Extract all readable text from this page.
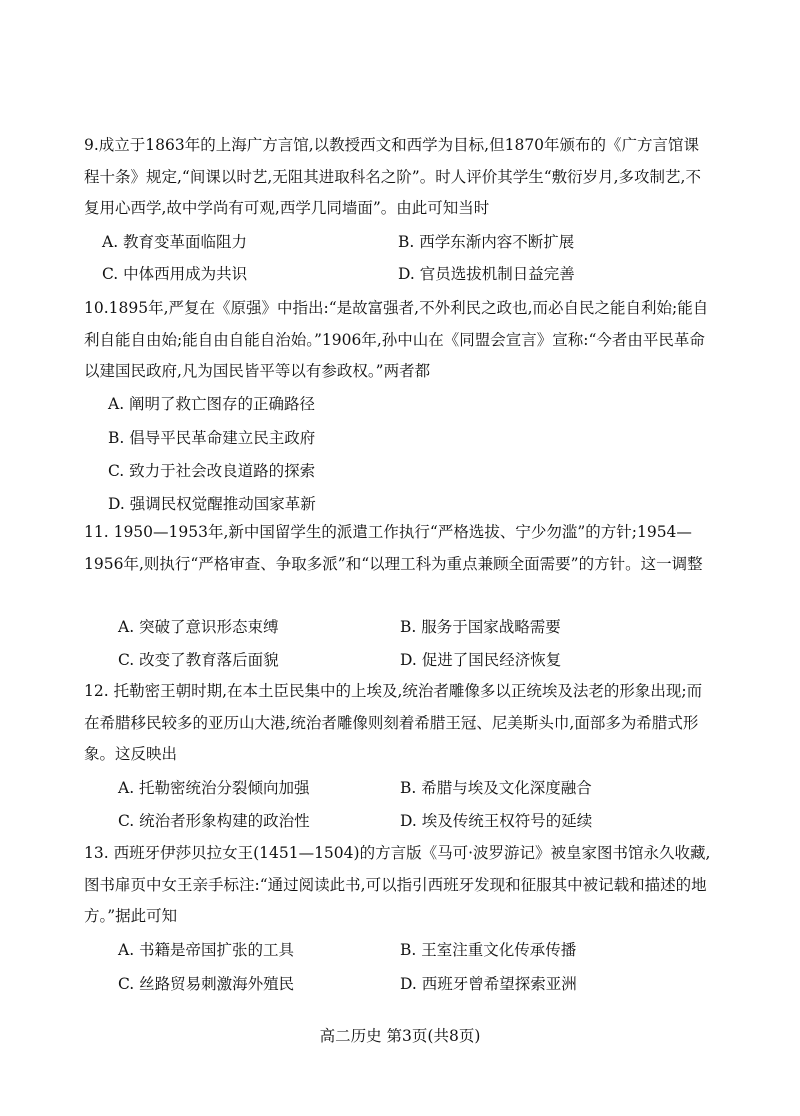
9.成立于1863年的上海广方言馆,以教授西文和西学为目标,但1870年颁布的《广方言馆课程十条》规定,“间课以时艺,无阻其进取科名之阶”。时人评价其学生“敷衍岁月,多攻制艺,不复用心西学,故中学尚有可观,西学几同墙面”。由此可知当时

A. 教育变革面临阻力	B. 西学东渐内容不断扩展
C. 中体西用成为共识	D. 官员选拔机制日益完善

10.1895年,严复在《原强》中指出:“是故富强者,不外利民之政也,而必自民之能自利始;能自利自能自由始;能自由自能自治始。”1906年,孙中山在《同盟会宣言》宣称:“今者由平民革命以建国民政府,凡为国民皆平等以有参政权。”两者都

A. 阐明了救亡图存的正确路径
B. 倡导平民革命建立民主政府
C. 致力于社会改良道路的探索
D. 强调民权觉醒推动国家革新

11. 1950—1953年,新中国留学生的派遣工作执行“严格选拔、宁少勿滥”的方针;1954—1956年,则执行“严格审查、争取多派”和“以理工科为重点兼顾全面需要”的方针。这一调整

A. 突破了意识形态束缚	B. 服务于国家战略需要
C. 改变了教育落后面貌	D. 促进了国民经济恢复

12. 托勒密王朝时期,在本土臣民集中的上埃及,统治者雕像多以正统埃及法老的形象出现;而在希腊移民较多的亚历山大港,统治者雕像则刻着希腊王冠、尼美斯头巾,面部多为希腊式形象。这反映出

A. 托勒密统治分裂倾向加强	B. 希腊与埃及文化深度融合
C. 统治者形象构建的政治性	D. 埃及传统王权符号的延续

13. 西班牙伊莎贝拉女王(1451—1504)的方言版《马可·波罗游记》被皇家图书馆永久收藏,图书扉页中女王亲手标注:“通过阅读此书,可以指引西班牙发现和征服其中被记载和描述的地方。”据此可知

A. 书籍是帝国扩张的工具	B. 王室注重文化传承传播
C. 丝路贸易刺激海外殖民	D. 西班牙曾希望探索亚洲
高二历史 第3页(共8页)
